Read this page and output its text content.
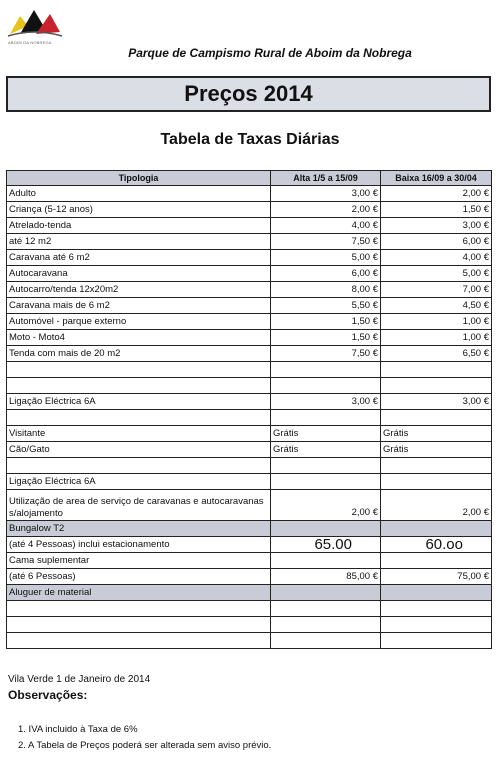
ABOIM DA NOBREGA
Parque de Campismo Rural de Aboim da Nobrega
Preços 2014
Tabela de Taxas Diárias
Tipologia	Alta 1/5 a 15/09	Baixa 16/09 a 30/04
Adulto	3,00 €	2,00 €
Criança (5-12 anos)	2,00 €	1,50 €
Atrelado-tenda	4,00 €	3,00 €
até 12 m2	7,50 €	6,00 €
Caravana até 6 m2	5,00 €	4,00 €
Autocaravana	6,00 €	5,00 €
Autocarro/tenda 12x20m2	8,00 €	7,00 €
Caravana mais de 6 m2	5,50 €	4,50 €
Automóvel - parque externo	1,50 €	1,00 €
Moto - Moto4	1,50 €	1,00 €
Tenda com mais de 20 m2	7,50 €	6,50 €

Ligação Eléctrica 6A	3,00 €	3,00 €

Visitante	Grátis	Grátis
Cão/Gato	Grátis	Grátis

Ligação Eléctrica 6A		
Utilização de area de serviço de caravanas e autocaravanas s/alojamento	2,00 €	2,00 €
Bungalow T2		
(até 4 Pessoas) inclui estacionamento	65.00	60.oo
Cama suplementar		
(até 6 Pessoas)	85,00 €	75,00 €
Aluguer de material		

Vila Verde 1 de Janeiro de 2014
Observações:
1. IVA incluido à Taxa de 6%
2. A Tabela de Preços poderá ser alterada sem aviso prévio.
